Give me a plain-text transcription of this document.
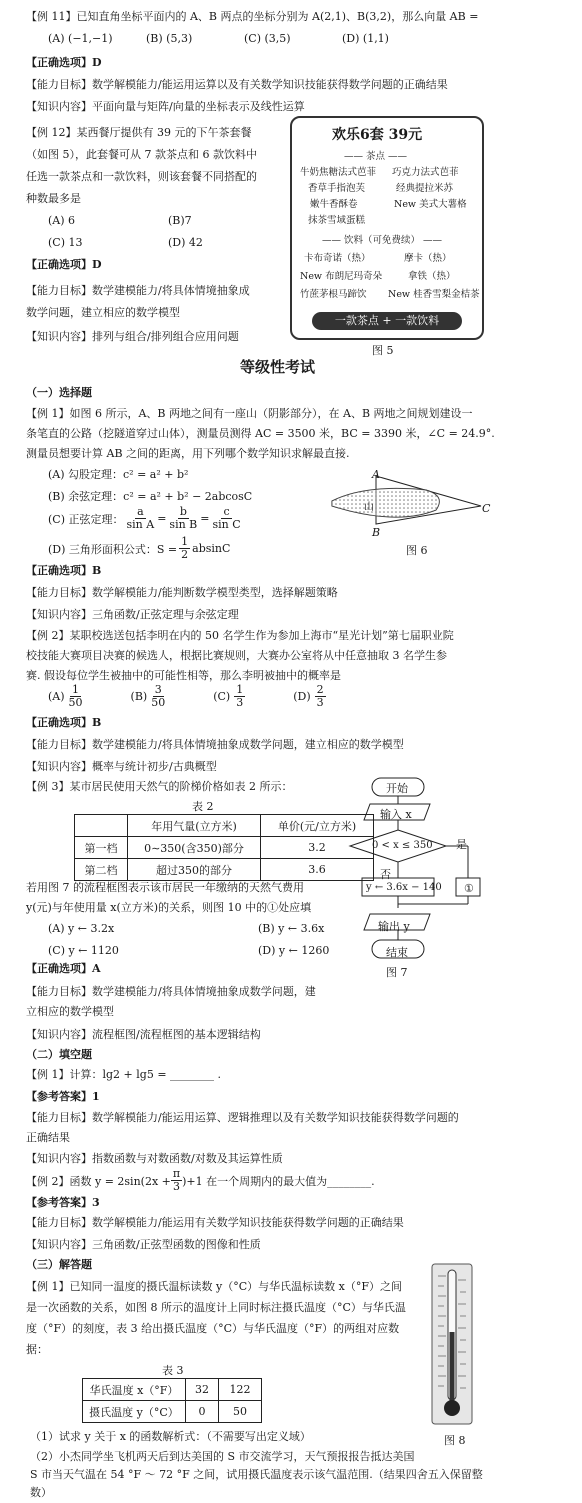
【例 11】已知直角坐标平面内的 A、B 两点的坐标分别为 A(2,1)、B(3,2)，那么向量 AB =
(A) (−1,−1)	(B) (5,3)	(C) (3,5)	(D) (1,1)
【正确选项】D
【能力目标】数学解模能力/能运用运算以及有关数学知识技能获得数学问题的正确结果
【知识内容】平面向量与矩阵/向量的坐标表示及线性运算
【例 12】某西餐厅提供有 39 元的下午茶套餐
（如图 5），此套餐可从 7 款茶点和 6 款饮料中
任选一款茶点和一款饮料，则该套餐不同搭配的
种数最多是
(A) 6	(B)7
(C) 13	(D) 42
【正确选项】D
【能力目标】数学建模能力/将具体情境抽象成
数学问题，建立相应的数学模型
【知识内容】排列与组合/排列组合应用问题
欢乐6套 39元
—— 茶点 ——
牛奶焦糖法式芭菲 巧克力法式芭菲
香草手指泡芙	经典提拉米苏
嫩牛香酥卷	New 美式大薯格
抹茶雪域蛋糕
—— 饮料（可免费续） ——
卡布奇诺（热）	摩卡（热）
New 布朗尼玛奇朵	拿铁（热）
竹蔗茅根马蹄饮 New 桂香雪梨金桔茶
一款茶点 + 一款饮料
图 5
等级性考试
（一）选择题
【例 1】如图 6 所示，A、B 两地之间有一座山（阴影部分），在 A、B 两地之间规划建设一
条笔直的公路（挖隧道穿过山体），测量员测得 AC = 3500 米，BC = 3390 米，∠C = 24.9°.
测量员想要计算 AB 之间的距离，用下列哪个数学知识求解最直接.
(A) 勾股定理：c² = a² + b²
(B) 余弦定理：c² = a² + b² − 2abcosC
(C) 正弦定理： $\frac{a}{\text{sin A}} = \frac{b}{\text{sin B}} = \frac{c}{\text{sin C}}$
(D) 三角形面积公式：$S = \frac{1}{2}$ absinC
A
B
C
山
图 6
【正确选项】B
【能力目标】数学解模能力/能判断数学模型类型，选择解题策略
【知识内容】三角函数/正弦定理与余弦定理
【例 2】某职校选送包括李明在内的 50 名学生作为参加上海市“星光计划”第七届职业院
校技能大赛项目决赛的候选人，根据比赛规则，大赛办公室将从中任意抽取 3 名学生参
赛. 假设每位学生被抽中的可能性相等，那么李明被抽中的概率是
$(A) \frac{1}{50}$	$(B) \frac{3}{50}$	$(C) \frac{1}{3}$	$(D) \frac{2}{3}$
【正确选项】B
【能力目标】数学建模能力/将具体情境抽象成数学问题，建立相应的数学模型
【知识内容】概率与统计初步/古典概型
【例 3】某市居民使用天然气的阶梯价格如表 2 所示：
表 2
	年用气量(立方米)	单价(元/立方米)
第一档	0∼350(含350)部分	3.2
第二档	超过350的部分	3.6
若用图 7 的流程框图表示该市居民一年缴纳的天然气费用
y(元)与年使用量 x(立方米)的关系，则图 10 中的①处应填
(A) y ← 3.2x	(B) y ← 3.6x
(C) y ← 1120	(D) y ← 1260
【正确选项】A
【能力目标】数学建模能力/将具体情境抽象成数学问题，建
立相应的数学模型
【知识内容】流程框图/流程框图的基本逻辑结构
开始
输入 x
0 < x ≤ 350 是
否
y ← 3.6x − 140 ①
输出 y
结束
图 7
（二）填空题
【例 1】计算：lg2 + lg5 = ________ .
【参考答案】1
【能力目标】数学解模能力/能运用运算、逻辑推理以及有关数学知识技能获得数学问题的
正确结果
【知识内容】指数函数与对数函数/对数及其运算性质
【例 2】函数 $y = 2\sin(2x + \frac{\pi}{3} )+1$ 在一个周期内的最大值为________.
【参考答案】3
【能力目标】数学解模能力/能运用有关数学知识技能获得数学问题的正确结果
【知识内容】三角函数/正弦型函数的图像和性质
（三）解答题
【例 1】已知同一温度的摄氏温标读数 y（°C）与华氏温标读数 x（°F）之间
是一次函数的关系，如图 8 所示的温度计上同时标注摄氏温度（°C）与华氏温
度（°F）的刻度，表 3 给出摄氏温度（°C）与华氏温度（°F）的两组对应数
据：
表 3
华氏温度 x（°F）	32	122
摄氏温度 y（°C）	0	50
（1）试求 y 关于 x 的函数解析式：（不需要写出定义域）
（2）小杰同学坐飞机两天后到达美国的 S 市交流学习，天气预报报告抵达美国
S 市当天气温在 54 °F ～ 72 °F 之间，试用摄氏温度表示该气温范围.（结果四舍五入保留整
数）
图 8
